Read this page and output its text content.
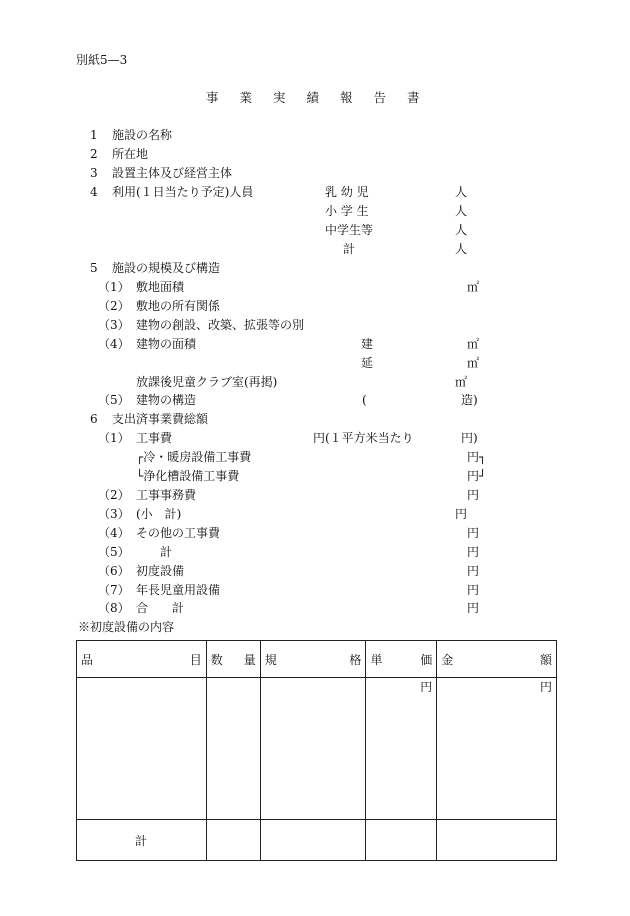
別紙5—3
事業実績報告書
1 施設の名称
2 所在地
3 設置主体及び経営主体
4 利用(１日当たり予定)人員	乳 幼 児	人
小 学 生	人
中学生等	人
計	人
5 施設の規模及び構造
（1） 敷地面積	㎡
（2） 敷地の所有関係
（3） 建物の創設、改築、拡張等の別
（4） 建物の面積	建	㎡
延	㎡
放課後児童クラブ室(再掲)	㎡
（5） 建物の構造	(	造)
6 支出済事業費総額
（1） 工事費	円(１平方米当たり	円)
┌冷・暖房設備工事費	円┐
└浄化槽設備工事費	円┘
（2） 工事事務費	円
（3） (小　計)	円
（4） その他の工事費	円
（5）	計	円
（6） 初度設備	円
（7） 年長児童用設備	円
（8） 合　　計	円
※初度設備の内容
品 目	数 量	規 格	単 価	金 額

			円	円
計				
